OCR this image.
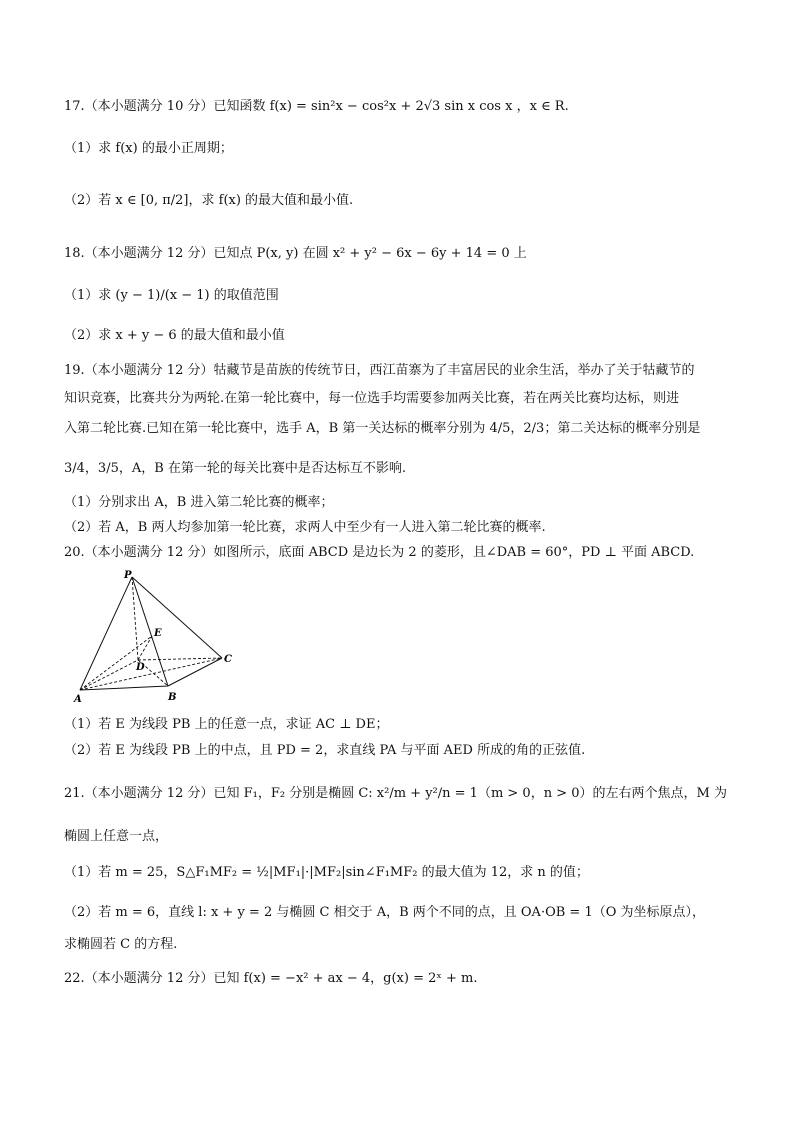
17.（本小题满分 10 分）已知函数 f(x) = sin²x − cos²x + 2√3 sin x cos x ，x ∈ R.
（1）求 f(x) 的最小正周期；
（2）若 x ∈ [0, π/2]，求 f(x) 的最大值和最小值.
18.（本小题满分 12 分）已知点 P(x, y) 在圆 x² + y² − 6x − 6y + 14 = 0 上
（1）求 (y − 1)/(x − 1) 的取值范围
（2）求 x + y − 6 的最大值和最小值
19.（本小题满分 12 分）牯藏节是苗族的传统节日，西江苗寨为了丰富居民的业余生活，举办了关于牯藏节的
知识竞赛，比赛共分为两轮.在第一轮比赛中，每一位选手均需要参加两关比赛，若在两关比赛均达标，则进
入第二轮比赛.已知在第一轮比赛中，选手 A，B 第一关达标的概率分别为 4/5，2/3；第二关达标的概率分别是
3/4，3/5，A，B 在第一轮的每关比赛中是否达标互不影响.
（1）分别求出 A，B 进入第二轮比赛的概率；
（2）若 A，B 两人均参加第一轮比赛，求两人中至少有一人进入第二轮比赛的概率.
20.（本小题满分 12 分）如图所示，底面 ABCD 是边长为 2 的菱形，且∠DAB = 60°，PD ⊥ 平面 ABCD.
P
E
D
C
A	B
（1）若 E 为线段 PB 上的任意一点，求证 AC ⊥ DE；
（2）若 E 为线段 PB 上的中点，且 PD = 2，求直线 PA 与平面 AED 所成的角的正弦值.
21.（本小题满分 12 分）已知 F₁，F₂ 分别是椭圆 C: x²/m + y²/n = 1（m > 0，n > 0）的左右两个焦点，M 为
椭圆上任意一点，
（1）若 m = 25，S△F₁MF₂ = ½|MF₁|·|MF₂|sin∠F₁MF₂ 的最大值为 12，求 n 的值；
（2）若 m = 6，直线 l: x + y = 2 与椭圆 C 相交于 A，B 两个不同的点，且 OA·OB = 1（O 为坐标原点），
求椭圆若 C 的方程.
22.（本小题满分 12 分）已知 f(x) = −x² + ax − 4，g(x) = 2ˣ + m.
